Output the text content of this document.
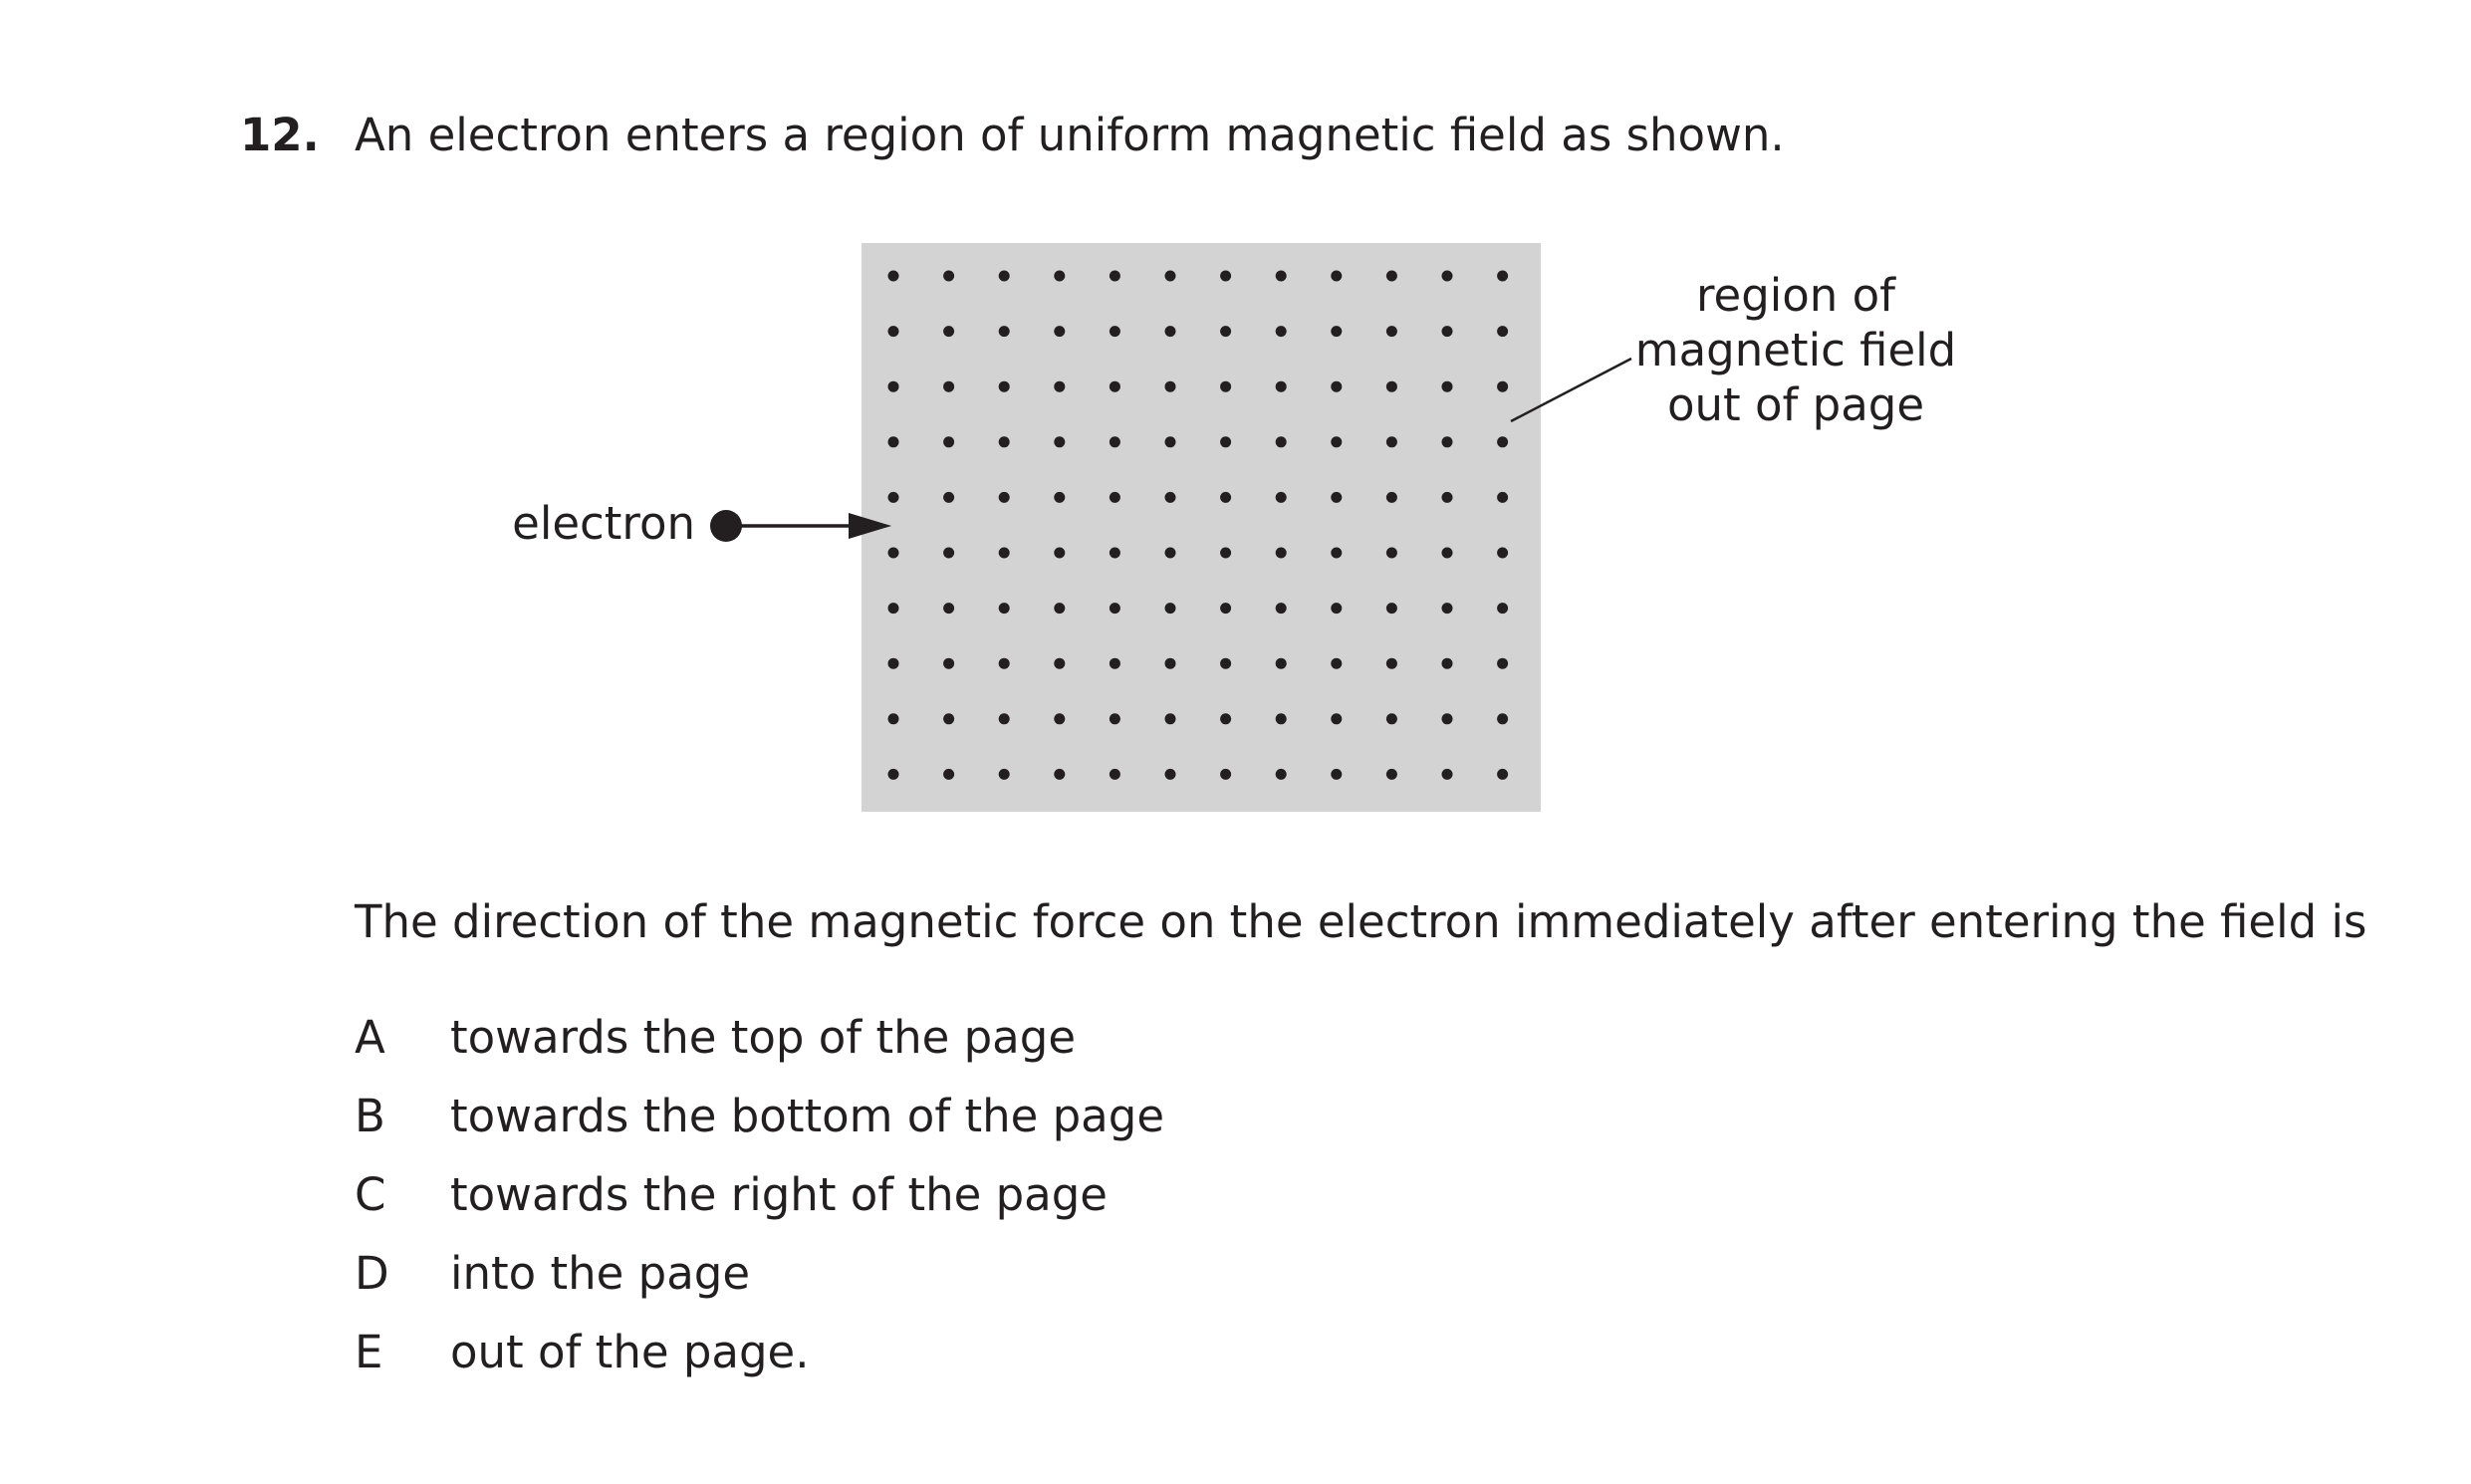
12. An electron enters a region of uniform magnetic field as shown.
region of
magnetic field
out of page
electron
The direction of the magnetic force on the electron immediately after entering the field is
A towards the top of the page
B towards the bottom of the page
C towards the right of the page
D into the page
E out of the page.
